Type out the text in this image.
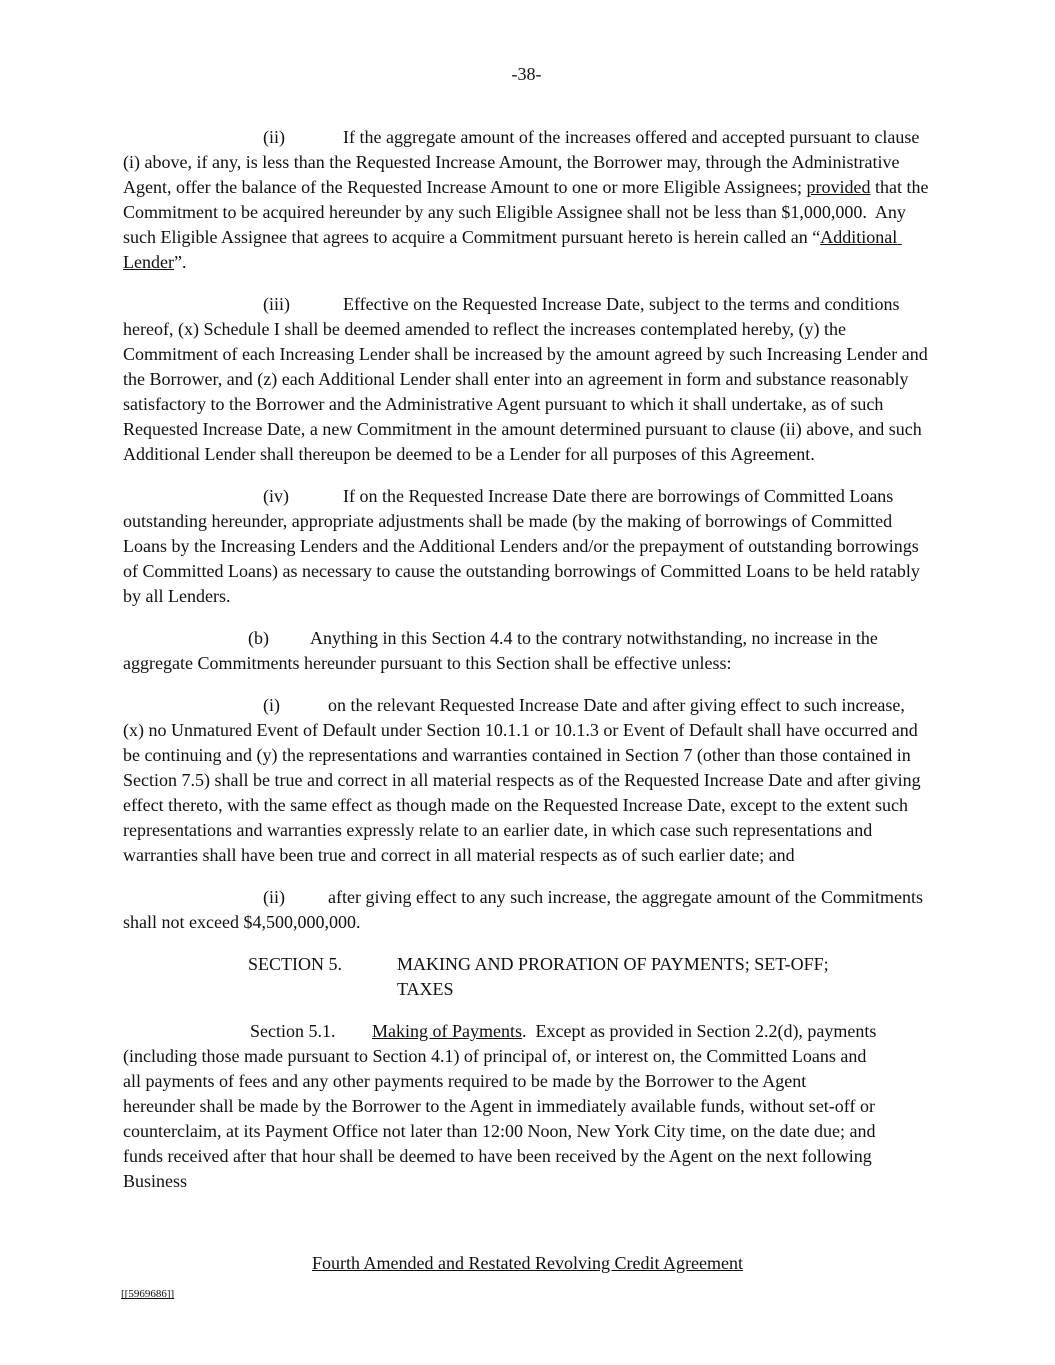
-38-

(ii)	If the aggregate amount of the increases offered and accepted pursuant to clause (i) above, if any, is less than the Requested Increase Amount, the Borrower may, through the Administrative Agent, offer the balance of the Requested Increase Amount to one or more Eligible Assignees; provided that the Commitment to be acquired hereunder by any such Eligible Assignee shall not be less than $1,000,000.  Any such Eligible Assignee that agrees to acquire a Commitment pursuant hereto is herein called an “Additional Lender”.

(iii)	Effective on the Requested Increase Date, subject to the terms and conditions hereof, (x) Schedule I shall be deemed amended to reflect the increases contemplated hereby, (y) the Commitment of each Increasing Lender shall be increased by the amount agreed by such Increasing Lender and the Borrower, and (z) each Additional Lender shall enter into an agreement in form and substance reasonably satisfactory to the Borrower and the Administrative Agent pursuant to which it shall undertake, as of such Requested Increase Date, a new Commitment in the amount determined pursuant to clause (ii) above, and such Additional Lender shall thereupon be deemed to be a Lender for all purposes of this Agreement.

(iv)	If on the Requested Increase Date there are borrowings of Committed Loans outstanding hereunder, appropriate adjustments shall be made (by the making of borrowings of Committed Loans by the Increasing Lenders and the Additional Lenders and/or the prepayment of outstanding borrowings of Committed Loans) as necessary to cause the outstanding borrowings of Committed Loans to be held ratably by all Lenders.

(b) Anything in this Section 4.4 to the contrary notwithstanding, no increase in the aggregate Commitments hereunder pursuant to this Section shall be effective unless:

(i)	on the relevant Requested Increase Date and after giving effect to such increase, (x) no Unmatured Event of Default under Section 10.1.1 or 10.1.3 or Event of Default shall have occurred and be continuing and (y) the representations and warranties contained in Section 7 (other than those contained in Section 7.5) shall be true and correct in all material respects as of the Requested Increase Date and after giving effect thereto, with the same effect as though made on the Requested Increase Date, except to the extent such representations and warranties expressly relate to an earlier date, in which case such representations and warranties shall have been true and correct in all material respects as of such earlier date; and

(ii) after giving effect to any such increase, the aggregate amount of the Commitments shall not exceed $4,500,000,000.

SECTION 5.	MAKING AND PRORATION OF PAYMENTS; SET-OFF;
TAXES

Section 5.1. Making of Payments.  Except as provided in Section 2.2(d), payments (including those made pursuant to Section 4.1) of principal of, or interest on, the Committed Loans and all payments of fees and any other payments required to be made by the Borrower to the Agent hereunder shall be made by the Borrower to the Agent in immediately available funds, without set-off or counterclaim, at its Payment Office not later than 12:00 Noon, New York City time, on the date due; and funds received after that hour shall be deemed to have been received by the Agent on the next following Business

Fourth Amended and Restated Revolving Credit Agreement
[[5969686]]
